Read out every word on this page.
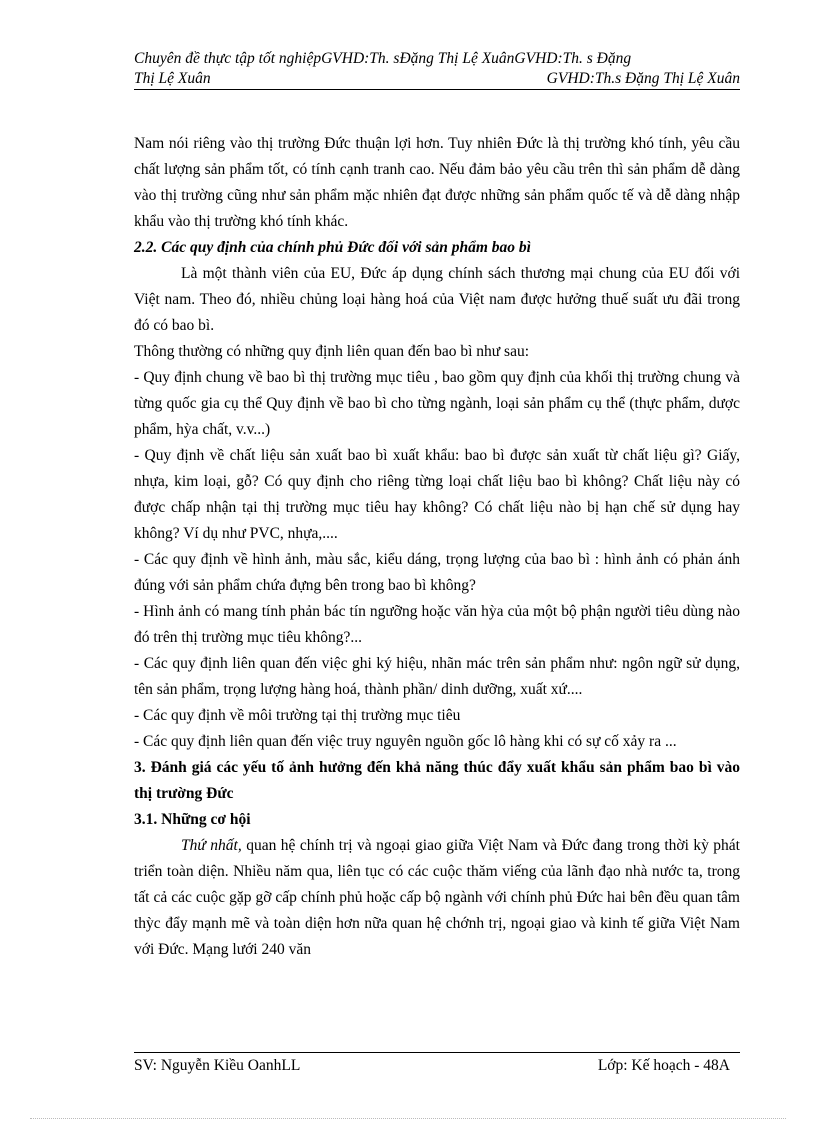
Chuyên đề thực tập tốt nghiệpGVHD:Th. sĐặng Thị Lệ XuânGVHD:Th. s Đặng
Thị Lệ Xuân	GVHD:Th.s Đặng Thị Lệ Xuân

Nam nói riêng vào thị trường Đức thuận lợi hơn. Tuy nhiên Đức là thị trường khó tính, yêu cầu chất lượng sản phẩm tốt, có tính cạnh tranh cao. Nếu đảm bảo yêu cầu trên thì sản phẩm dễ dàng vào thị trường cũng như sản phẩm mặc nhiên đạt được những sản phẩm quốc tế và dễ dàng nhập khẩu vào thị trường khó tính khác.

2.2. Các quy định của chính phủ Đức đối với sản phẩm bao bì

Là một thành viên của EU, Đức áp dụng chính sách thương mại chung của EU đối với Việt nam. Theo đó, nhiều chủng loại hàng hoá của Việt nam được hưởng thuế suất ưu đãi trong đó có bao bì.

Thông thường có những quy định liên quan đến bao bì như sau:

- Quy định chung về bao bì thị trường mục tiêu , bao gồm quy định của khối thị trường chung và từng quốc gia cụ thể Quy định về bao bì cho từng ngành, loại sản phẩm cụ thể (thực phẩm, dược phẩm, hỳa chất, v.v...)

- Quy định về chất liệu sản xuất bao bì xuất khẩu: bao bì được sản xuất từ chất liệu gì? Giấy, nhựa, kim loại, gỗ? Có quy định cho riêng từng loại chất liệu bao bì không? Chất liệu này có được chấp nhận tại thị trường mục tiêu hay không? Có chất liệu nào bị hạn chế sử dụng hay không? Ví dụ như PVC, nhựa,....

- Các quy định về hình ảnh, màu sắc, kiểu dáng, trọng lượng của bao bì : hình ảnh có phản ánh đúng với sản phẩm chứa đựng bên trong bao bì không?

- Hình ảnh có mang tính phản bác tín ngưỡng hoặc văn hỳa của một bộ phận người tiêu dùng nào đó trên thị trường mục tiêu không?...

- Các quy định liên quan đến việc ghi ký hiệu, nhãn mác trên sản phẩm như: ngôn ngữ sử dụng, tên sản phẩm, trọng lượng hàng hoá, thành phần/ dinh dưỡng, xuất xứ....

- Các quy định về môi trường tại thị trường mục tiêu

- Các quy định liên quan đến việc truy nguyên nguồn gốc lô hàng khi có sự cố xảy ra ...

3. Đánh giá các yếu tố ảnh hưởng đến khả năng thúc đẩy xuất khẩu sản phẩm bao bì vào thị trường Đức

3.1. Những cơ hội

Thứ nhất, quan hệ chính trị và ngoại giao giữa Việt Nam và Đức đang trong thời kỳ phát triển toàn diện. Nhiều năm qua, liên tục có các cuộc thăm viếng của lãnh đạo nhà nước ta, trong tất cả các cuộc gặp gỡ cấp chính phủ hoặc cấp bộ ngành với chính phủ Đức hai bên đều quan tâm thỳc đẩy mạnh mẽ và toàn diện hơn nữa quan hệ chớnh trị, ngoại giao và kinh tế giữa Việt Nam với Đức. Mạng lưới 240 văn

SV: Nguyễn Kiều OanhLL	Lớp: Kế hoạch - 48A
